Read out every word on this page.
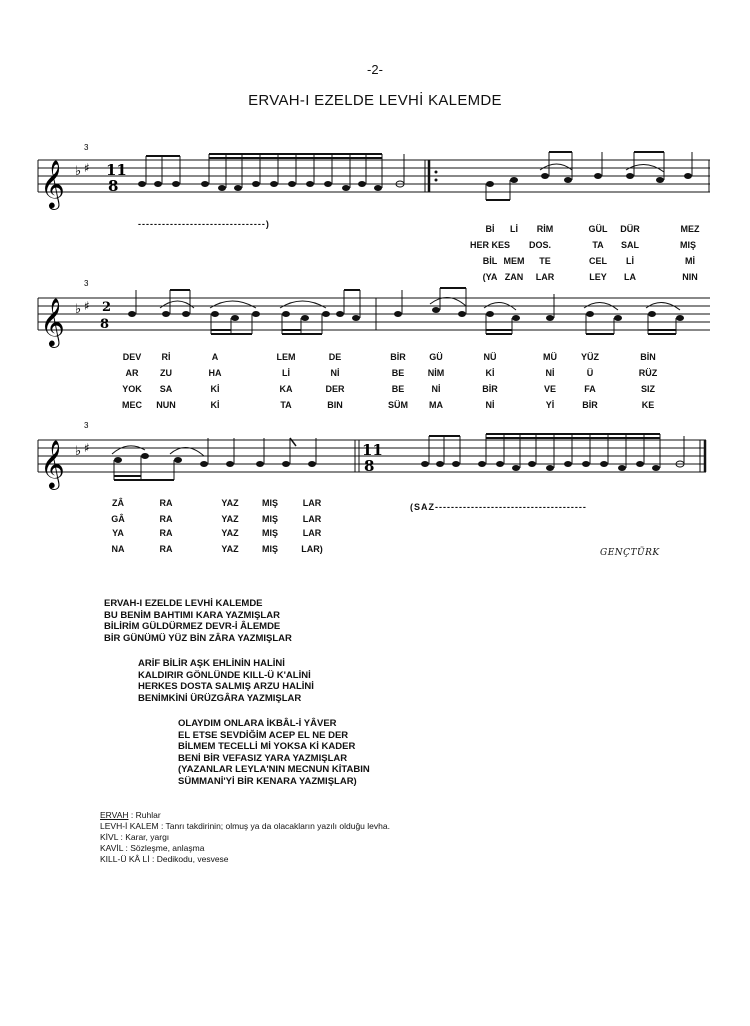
-2-
ERVAH-I EZELDE LEVHİ KALEMDE
𝄞 ♭ ♯
3
11
8
--------------------------------)	Bİ Lİ RİM	GÜL DÜR	MEZ
HER KES DOS.	TA SAL	MIŞ
BİL MEM TE	CEL Lİ	Mİ
(YA ZAN LAR	LEY LA	NIN
𝄞 ♭ ♯
3
2
8
DEV Rİ	A	LEM	DE	BİR	GÜ	NÜ	MÜ	YÜZ	BİN
AR ZU	HA	Lİ	Nİ	BE	NİM	Kİ	Nİ	Ü	RÜZ
YOK SA	Kİ	KA	DER	BE	Nİ	BİR	VE	FA	SIZ
MEC NUN	Kİ	TA	BIN	SÜM MA	Nİ	Yİ	BİR	KE
𝄞 ♭ ♯
3
11
8
ZÂ	RA	YAZ	MIŞ	LAR
GÂ	RA	YAZ	MIŞ	LAR
YA	RA	YAZ	MIŞ	LAR
NA	RA	YAZ	MIŞ	LAR)
(SAZ--------------------------------------
GENÇTÜRK
ERVAH-I EZELDE LEVHİ KALEMDE
BU BENİM BAHTIMI KARA YAZMIŞLAR
BİLİRİM GÜLDÜRMEZ DEVR-İ ÂLEMDE
BİR GÜNÜMÜ YÜZ BİN ZÂRA YAZMIŞLAR
ARİF BİLİR AŞK EHLİNİN HALİNİ
KALDIRIR GÖNLÜNDE KILL-Ü K'ALİNİ
HERKES DOSTA SALMIŞ ARZU HALİNİ
BENİMKİNİ ÜRÜZGÂRA YAZMIŞLAR
OLAYDIM ONLARA İKBÂL-İ YÂVER
EL ETSE SEVDİĞİM ACEP EL NE DER
BİLMEM TECELLİ Mİ YOKSA Kİ KADER
BENİ BİR VEFASIZ YARA YAZMIŞLAR
(YAZANLAR LEYLA'NIN MECNUN KİTABIN
SÜMMANİ'Yİ BİR KENARA YAZMIŞLAR)
ERVAH : Ruhlar
LEVH-İ KALEM : Tanrı takdirinin; olmuş ya da olacakların yazılı olduğu levha.
KİVL : Karar, yargı
KAVİL : Sözleşme, anlaşma
KILL-Ü KÂ Lİ : Dedikodu, vesvese
